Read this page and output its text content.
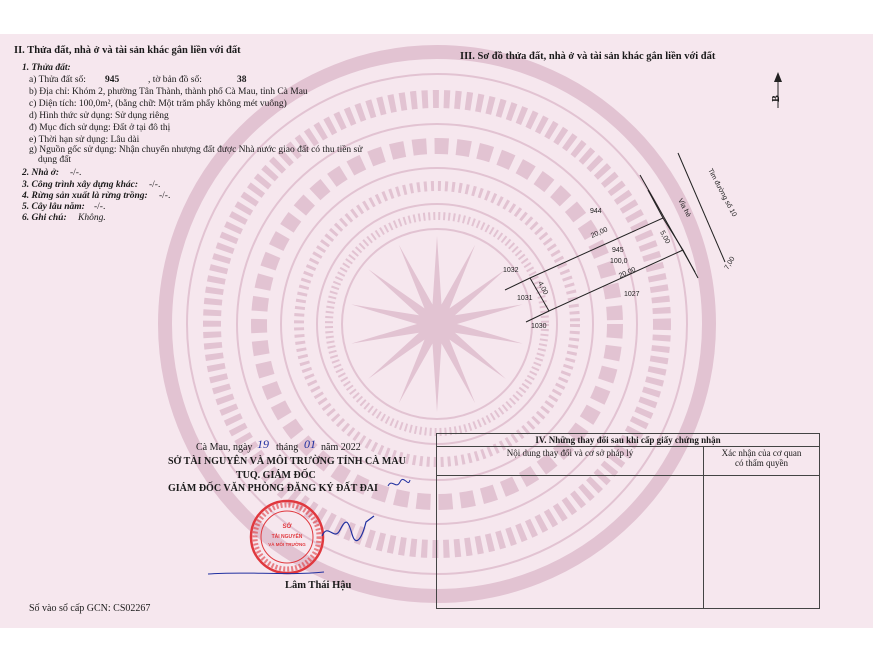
II. Thửa đất, nhà ở và tài sản khác gắn liền với đất
1. Thửa đất:
a) Thửa đất số: 945	, tờ bản đồ số:	38
b) Địa chỉ: Khóm 2, phường Tân Thành, thành phố Cà Mau, tỉnh Cà Mau
c) Diện tích: 100,0m², (bằng chữ: Một trăm phẩy không mét vuông)
d) Hình thức sử dụng: Sử dụng riêng
đ) Mục đích sử dụng: Đất ở tại đô thị
e) Thời hạn sử dụng: Lâu dài
g) Nguồn gốc sử dụng: Nhận chuyển nhượng đất được Nhà nước giao đất có thu tiền sử
dụng đất
2. Nhà ở: -/-.
3. Công trình xây dựng khác: -/-.
4. Rừng sản xuất là rừng trồng: -/-.
5. Cây lâu năm: -/-.
6. Ghi chú: Không.
III. Sơ đồ thửa đất, nhà ở và tài sản khác gắn liền với đất
B
944
20,00
945
100,0
20,00
5,00
4,00
1032
1031
1030
1027
Vỉa hè Tim đường số 10
7,00
Cà Mau, ngày 19 tháng 01 năm 2022
SỞ TÀI NGUYÊN VÀ MÔI TRƯỜNG TỈNH CÀ MAU
TUQ. GIÁM ĐỐC
GIÁM ĐỐC VĂN PHÒNG ĐĂNG KÝ ĐẤT ĐAI
SỞ
TÀI NGUYÊN
VÀ MÔI TRƯỜNG
Lâm Thái Hậu
IV. Những thay đổi sau khi cấp giấy chứng nhận	
Nội dung thay đổi và cơ sở pháp lý	Xác nhận của cơ quan
có thẩm quyền

Số vào sổ cấp GCN: CS02267
